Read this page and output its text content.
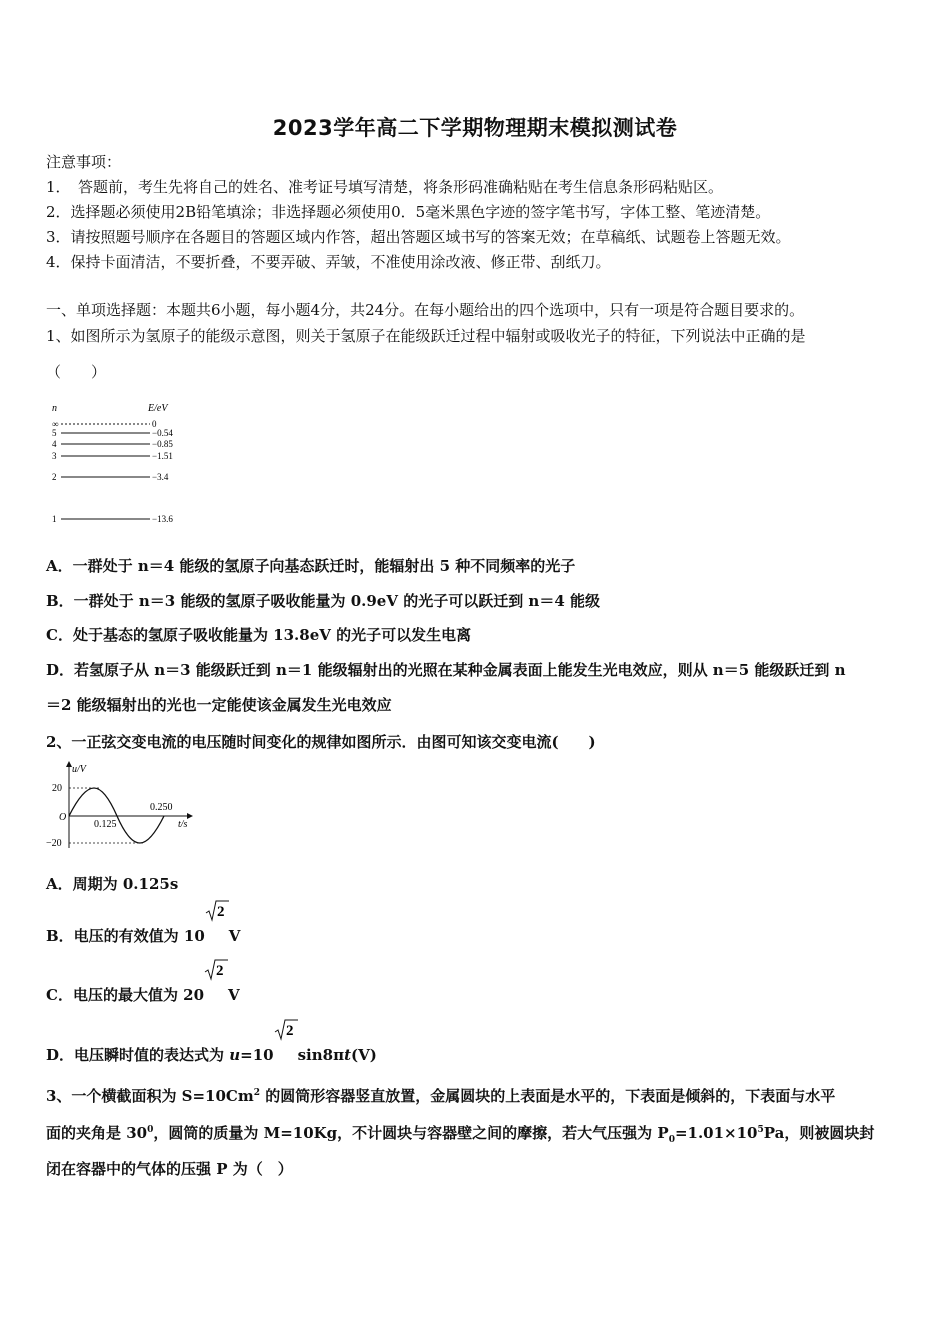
2023学年高二下学期物理期末模拟测试卷
注意事项：
1．　答题前，考生先将自己的姓名、准考证号填写清楚，将条形码准确粘贴在考生信息条形码粘贴区。
2．选择题必须使用2B铅笔填涂；非选择题必须使用0．5毫米黑色字迹的签字笔书写，字体工整、笔迹清楚。
3．请按照题号顺序在各题目的答题区域内作答，超出答题区域书写的答案无效；在草稿纸、试题卷上答题无效。
4．保持卡面清洁，不要折叠，不要弄破、弄皱，不准使用涂改液、修正带、刮纸刀。
一、单项选择题：本题共6小题，每小题4分，共24分。在每小题给出的四个选项中，只有一项是符合题目要求的。
1、如图所示为氢原子的能级示意图，则关于氢原子在能级跃迁过程中辐射或吸收光子的特征，下列说法中正确的是
（　　）
n	E/eV
∞	0
5	−0.54
4	−0.85
3	−1.51
2	−3.4
1	−13.6
A．一群处于 n＝4 能级的氢原子向基态跃迁时，能辐射出 5 种不同频率的光子
B．一群处于 n＝3 能级的氢原子吸收能量为 0.9eV 的光子可以跃迁到 n＝4 能级
C．处于基态的氢原子吸收能量为 13.8eV 的光子可以发生电离
D．若氢原子从 n＝3 能级跃迁到 n＝1 能级辐射出的光照在某种金属表面上能发生光电效应，则从 n＝5 能级跃迁到 n
＝2 能级辐射出的光也一定能使该金属发生光电效应
2、一正弦交变电流的电压随时间变化的规律如图所示．由图可知该交变电流(　　)
u/V
t/s
O
20
−20
0.125
0.250
A．周期为 0.125s
B．电压的有效值为 10
2
V
C．电压的最大值为 20
2
V
D．电压瞬时值的表达式为 u=10
2
sin8πt(V)
3、一个横截面积为 $S=10Cm^2$ 的圆筒形容器竖直放置，金属圆块的上表面是水平的，下表面是倾斜的，下表面与水平
面的夹角是 $30^0$，圆筒的质量为 M=10Kg，不计圆块与容器壁之间的摩擦，若大气压强为 $P_0=1.01\times 10^5Pa$，则被圆块封
闭在容器中的气体的压强 P 为（　）
